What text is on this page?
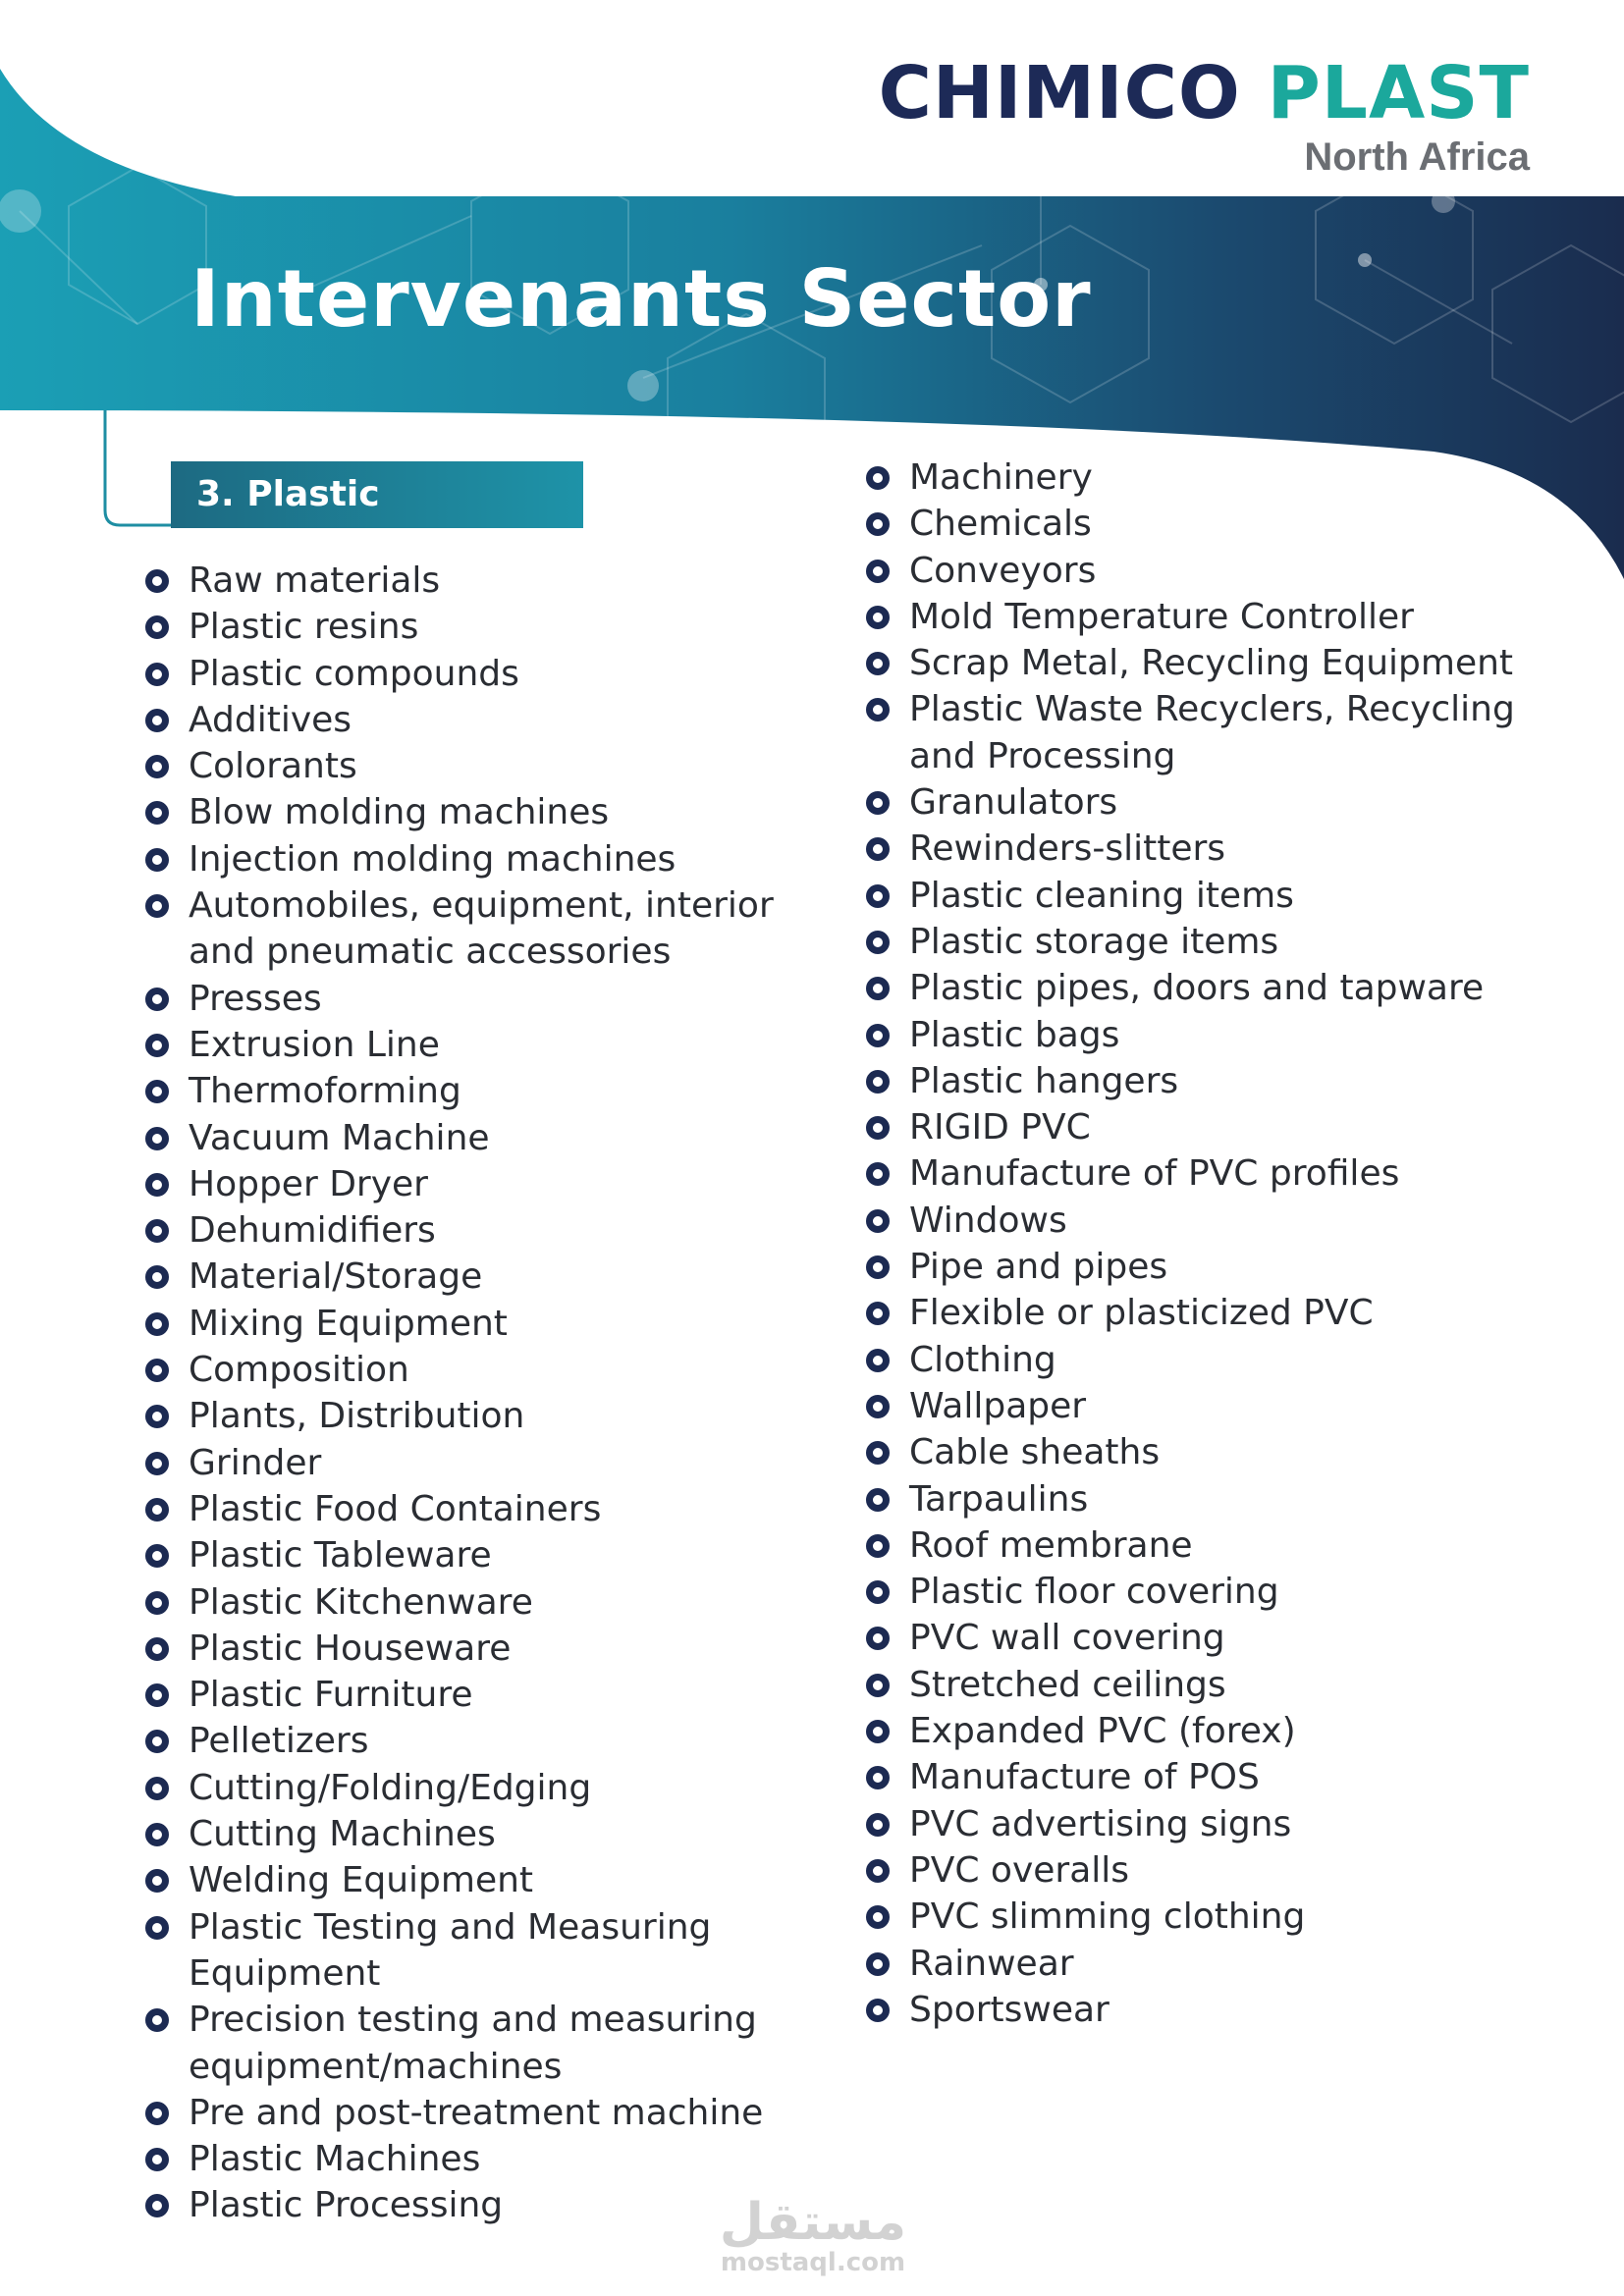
CHIMICO PLAST
North Africa
Intervenants Sector
3. Plastic
Raw materials
Plastic resins
Plastic compounds
Additives
Colorants
Blow molding machines
Injection molding machines
Automobiles, equipment, interior and pneumatic accessories
Presses
Extrusion Line
Thermoforming
Vacuum Machine
Hopper Dryer
Dehumidifiers
Material/Storage
Mixing Equipment
Composition
Plants, Distribution
Grinder
Plastic Food Containers
Plastic Tableware
Plastic Kitchenware
Plastic Houseware
Plastic Furniture
Pelletizers
Cutting/Folding/Edging
Cutting Machines
Welding Equipment
Plastic Testing and Measuring Equipment
Precision testing and measuring equipment/machines
Pre and post-treatment machine
Plastic Machines
Plastic Processing
Machinery
Chemicals
Conveyors
Mold Temperature Controller
Scrap Metal, Recycling Equipment
Plastic Waste Recyclers, Recycling and Processing
Granulators
Rewinders-slitters
Plastic cleaning items
Plastic storage items
Plastic pipes, doors and tapware
Plastic bags
Plastic hangers
RIGID PVC
Manufacture of PVC profiles
Windows
Pipe and pipes
Flexible or plasticized PVC
Clothing
Wallpaper
Cable sheaths
Tarpaulins
Roof membrane
Plastic floor covering
PVC wall covering
Stretched ceilings
Expanded PVC (forex)
Manufacture of POS
PVC advertising signs
PVC overalls
PVC slimming clothing
Rainwear
Sportswear
مستقل
mostaql.com
